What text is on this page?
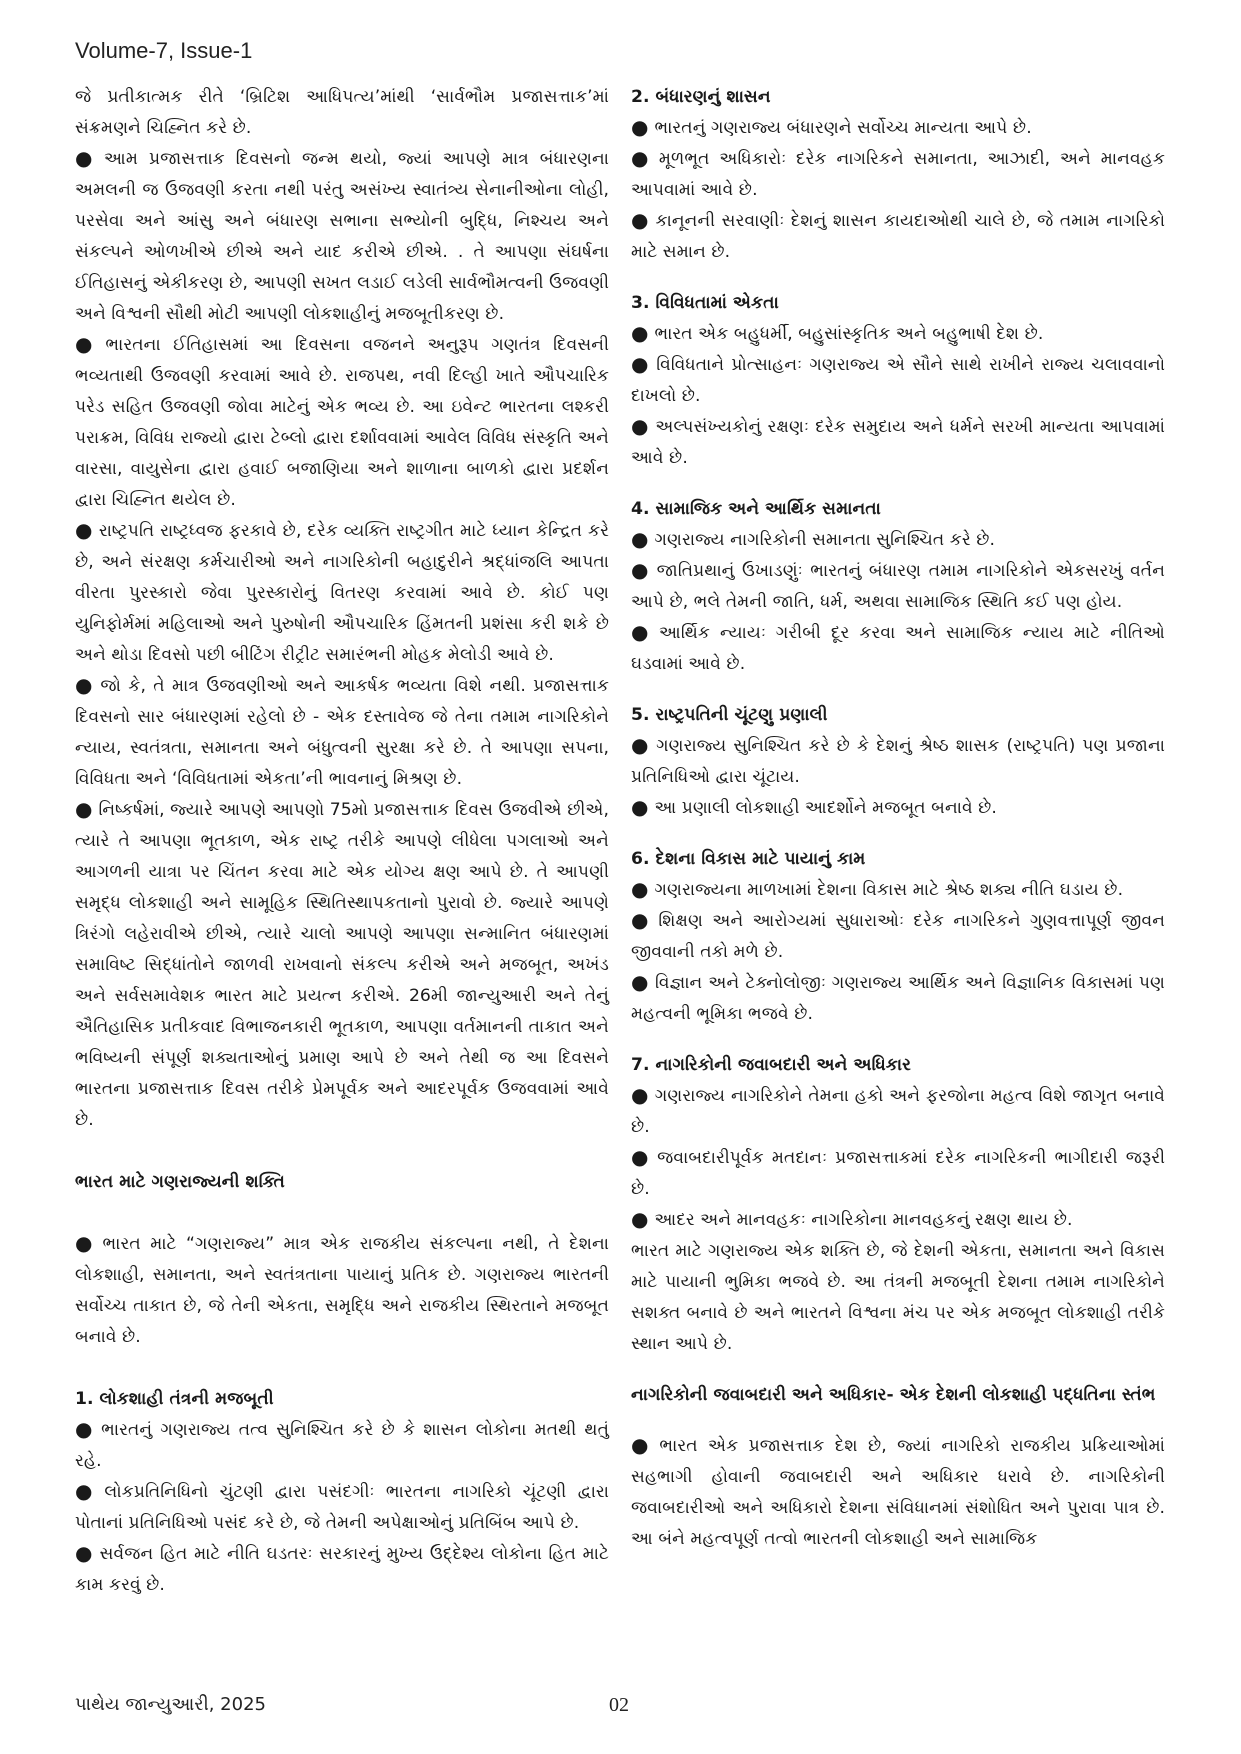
Volume-7, Issue-1

જે પ્રતીકાત્મક રીતે ‘બ્રિટિશ આધિપત્ય’માંથી ‘સાર્વભૌમ પ્રજાસત્તાક’માં સંક્રમણને ચિહ્નિત કરે છે.

● આમ પ્રજાસત્તાક દિવસનો જન્મ થયો, જ્યાં આપણે માત્ર બંધારણના અમલની જ ઉજવણી કરતા નથી પરંતુ અસંખ્ય સ્વાતંત્ર્ય સેનાનીઓના લોહી, પરસેવા અને આંસુ અને બંધારણ સભાના સભ્યોની બુદ્ધિ, નિશ્ચય અને સંકલ્પને ઓળખીએ છીએ અને યાદ કરીએ છીએ. . તે આપણા સંઘર્ષના ઈતિહાસનું એકીકરણ છે, આપણી સખત લડાઈ લડેલી સાર્વભૌમત્વની ઉજવણી અને વિશ્વની સૌથી મોટી આપણી લોકશાહીનું મજબૂતીકરણ છે.

● ભારતના ઈતિહાસમાં આ દિવસના વજનને અનુરૂપ ગણતંત્ર દિવસની ભવ્યતાથી ઉજવણી કરવામાં આવે છે. રાજપથ, નવી દિલ્હી ખાતે ઔપચારિક પરેડ સહિત ઉજવણી જોવા માટેનું એક ભવ્ય છે. આ ઇવેન્ટ ભારતના લશ્કરી પરાક્રમ, વિવિધ રાજ્યો દ્વારા ટેબ્લો દ્વારા દર્શાવવામાં આવેલ વિવિધ સંસ્કૃતિ અને વારસા, વાયુસેના દ્વારા હવાઈ બજાણિયા અને શાળાના બાળકો દ્વારા પ્રદર્શન દ્વારા ચિહ્નિત થયેલ છે.

● રાષ્ટ્રપતિ રાષ્ટ્રધ્વજ ફરકાવે છે, દરેક વ્યક્તિ રાષ્ટ્રગીત માટે ધ્યાન કેન્દ્રિત કરે છે, અને સંરક્ષણ કર્મચારીઓ અને નાગરિકોની બહાદુરીને શ્રદ્ધાંજલિ આપતા વીરતા પુરસ્કારો જેવા પુરસ્કારોનું વિતરણ કરવામાં આવે છે. કોઈ પણ યુનિફોર્મમાં મહિલાઓ અને પુરુષોની ઔપચારિક હિંમતની પ્રશંસા કરી શકે છે અને થોડા દિવસો પછી બીટિંગ રીટ્રીટ સમારંભની મોહક મેલોડી આવે છે.

● જો કે, તે માત્ર ઉજવણીઓ અને આકર્ષક ભવ્યતા વિશે નથી. પ્રજાસત્તાક દિવસનો સાર બંધારણમાં રહેલો છે - એક દસ્તાવેજ જે તેના તમામ નાગરિકોને ન્યાય, સ્વતંત્રતા, સમાનતા અને બંધુત્વની સુરક્ષા કરે છે. તે આપણા સપના, વિવિધતા અને ‘વિવિધતામાં એકતા’ની ભાવનાનું મિશ્રણ છે.

● નિષ્કર્ષમાં, જ્યારે આપણે આપણો 75મો પ્રજાસત્તાક દિવસ ઉજવીએ છીએ, ત્યારે તે આપણા ભૂતકાળ, એક રાષ્ટ્ર તરીકે આપણે લીધેલા પગલાઓ અને આગળની યાત્રા પર ચિંતન કરવા માટે એક યોગ્ય ક્ષણ આપે છે. તે આપણી સમૃદ્ધ લોકશાહી અને સામૂહિક સ્થિતિસ્થાપકતાનો પુરાવો છે. જ્યારે આપણે ત્રિરંગો લહેરાવીએ છીએ, ત્યારે ચાલો આપણે આપણા સન્માનિત બંધારણમાં સમાવિષ્ટ સિદ્ધાંતોને જાળવી રાખવાનો સંકલ્પ કરીએ અને મજબૂત, અખંડ અને સર્વસમાવેશક ભારત માટે પ્રયત્ન કરીએ. 26મી જાન્યુઆરી અને તેનું ઐતિહાસિક પ્રતીકવાદ વિભાજનકારી ભૂતકાળ, આપણા વર્તમાનની તાકાત અને ભવિષ્યની સંપૂર્ણ શક્યતાઓનું પ્રમાણ આપે છે અને તેથી જ આ દિવસને ભારતના પ્રજાસત્તાક દિવસ તરીકે પ્રેમપૂર્વક અને આદરપૂર્વક ઉજવવામાં આવે છે.

ભારત માટે ગણરાજ્યની શક્તિ

● ભારત માટે “ગણરાજ્ય” માત્ર એક રાજકીય સંકલ્પના નથી, તે દેશના લોકશાહી, સમાનતા, અને સ્વતંત્રતાના પાયાનું પ્રતિક છે. ગણરાજ્ય ભારતની સર્વોચ્ચ તાકાત છે, જે તેની એકતા, સમૃદ્ધિ અને રાજકીય સ્થિરતાને મજબૂત બનાવે છે.

1. લોકશાહી તંત્રની મજબૂતી

● ભારતનું ગણરાજ્ય તત્વ સુનિશ્ચિત કરે છે કે શાસન લોકોના મતથી થતું રહે.

● લોકપ્રતિનિધિનો ચુંટણી દ્વારા પસંદગીઃ ભારતના નાગરિકો ચૂંટણી દ્વારા પોતાનાં પ્રતિનિધિઓ પસંદ કરે છે, જે તેમની અપેક્ષાઓનું પ્રતિબિંબ આપે છે.

● સર્વજન હિત માટે નીતિ ઘડતરઃ સરકારનું મુખ્ય ઉદ્દેશ્ય લોકોના હિત માટે કામ કરવું છે.

2. બંધારણનું શાસન

● ભારતનું ગણરાજ્ય બંધારણને સર્વોચ્ચ માન્યતા આપે છે.

● મૂળભૂત અધિકારોઃ દરેક નાગરિકને સમાનતા, આઝાદી, અને માનવહક આપવામાં આવે છે.

● કાનૂનની સરવાણીઃ દેશનું શાસન કાયદાઓથી ચાલે છે, જે તમામ નાગરિકો માટે સમાન છે.

3. વિવિધતામાં એકતા

● ભારત એક બહુધર્મી, બહુસાંસ્કૃતિક અને બહુભાષી દેશ છે.

● વિવિધતાને પ્રોત્સાહનઃ ગણરાજ્ય એ સૌને સાથે રાખીને રાજ્ય ચલાવવાનો દાખલો છે.

● અલ્પસંખ્યકોનું રક્ષણઃ દરેક સમુદાય અને ધર્મને સરખી માન્યતા આપવામાં આવે છે.

4. સામાજિક અને આર્થિક સમાનતા

● ગણરાજ્ય નાગરિકોની સમાનતા સુનિશ્ચિત કરે છે.

● જાતિપ્રથાનું ઉખાડણુંઃ ભારતનું બંધારણ તમામ નાગરિકોને એકસરખું વર્તન આપે છે, ભલે તેમની જાતિ, ધર્મ, અથવા સામાજિક સ્થિતિ કઈ પણ હોય.

● આર્થિક ન્યાયઃ ગરીબી દૂર કરવા અને સામાજિક ન્યાય માટે નીતિઓ ઘડવામાં આવે છે.

5. રાષ્ટ્રપતિની ચૂંટણુ પ્રણાલી

● ગણરાજ્ય સુનિશ્ચિત કરે છે કે દેશનું શ્રેષ્ઠ શાસક (રાષ્ટ્રપતિ) પણ પ્રજાના પ્રતિનિધિઓ દ્વારા ચૂંટાય.

● આ પ્રણાલી લોકશાહી આદર્શોને મજબૂત બનાવે છે.

6. દેશના વિકાસ માટે પાયાનું કામ

● ગણરાજ્યના માળખામાં દેશના વિકાસ માટે શ્રેષ્ઠ શક્ય નીતિ ઘડાય છે.

● શિક્ષણ અને આરોગ્યમાં સુધારાઓઃ દરેક નાગરિકને ગુણવત્તાપૂર્ણ જીવન જીવવાની તકો મળે છે.

● વિજ્ઞાન અને ટેક્નોલોજીઃ ગણરાજ્ય આર્થિક અને વિજ્ઞાનિક વિકાસમાં પણ મહત્વની ભૂમિકા ભજવે છે.

7. નાગરિકોની જવાબદારી અને અધિકાર

● ગણરાજ્ય નાગરિકોને તેમના હકો અને ફરજોના મહત્વ વિશે જાગૃત બનાવે છે.

● જવાબદારીપૂર્વક મતદાનઃ પ્રજાસત્તાકમાં દરેક નાગરિકની ભાગીદારી જરૂરી છે.

● આદર અને માનવહકઃ નાગરિકોના માનવહકનું રક્ષણ થાય છે.

ભારત માટે ગણરાજ્ય એક શક્તિ છે, જે દેશની એકતા, સમાનતા અને વિકાસ માટે પાયાની ભુમિકા ભજવે છે. આ તંત્રની મજબૂતી દેશના તમામ નાગરિકોને સશક્ત બનાવે છે અને ભારતને વિશ્વના મંચ પર એક મજબૂત લોકશાહી તરીકે સ્થાન આપે છે.

નાગરિકોની જવાબદારી અને અધિકાર- એક દેશની લોકશાહી પદ્ધતિના સ્તંભ

● ભારત એક પ્રજાસત્તાક દેશ છે, જ્યાં નાગરિકો રાજકીય પ્રક્રિયાઓમાં સહભાગી હોવાની જવાબદારી અને અધિકાર ધરાવે છે. નાગરિકોની જવાબદારીઓ અને અધિકારો દેશના સંવિધાનમાં સંશોધિત અને પુરાવા પાત્ર છે. આ બંને મહત્વપૂર્ણ તત્વો ભારતની લોકશાહી અને સામાજિક

પાથેય જાન્યુઆરી, 2025	02
